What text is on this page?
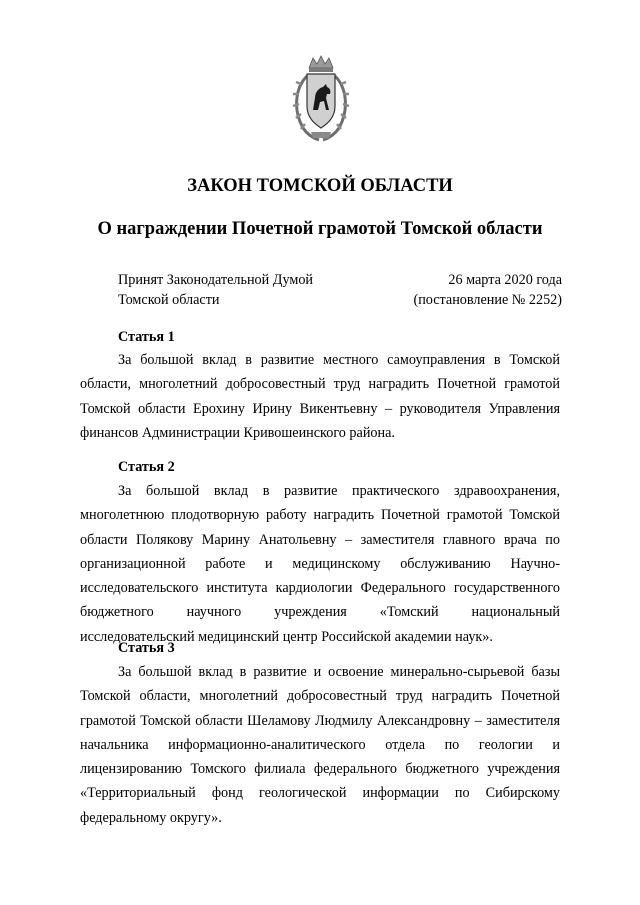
ЗАКОН ТОМСКОЙ ОБЛАСТИ
О награждении Почетной грамотой Томской области
Принят Законодательной Думой
Томской области
26 марта 2020 года
(постановление № 2252)

Статья 1

За большой вклад в развитие местного самоуправления в Томской области, многолетний добросовестный труд наградить Почетной грамотой Томской области Ерохину Ирину Викентьевну – руководителя Управления финансов Администрации Кривошеинского района.

Статья 2

За большой вклад в развитие практического здравоохранения, многолетнюю плодотворную работу наградить Почетной грамотой Томской области Полякову Марину Анатольевну – заместителя главного врача по организационной работе и медицинскому обслуживанию Научно-исследовательского института кардиологии Федерального государственного бюджетного научного учреждения «Томский национальный исследовательский медицинский центр Российской академии наук».

Статья 3

За большой вклад в развитие и освоение минерально-сырьевой базы Томской области, многолетний добросовестный труд наградить Почетной грамотой Томской области Шеламову Людмилу Александровну – заместителя начальника информационно-аналитического отдела по геологии и лицензированию Томского филиала федерального бюджетного учреждения «Территориальный фонд геологической информации по Сибирскому федеральному округу».
